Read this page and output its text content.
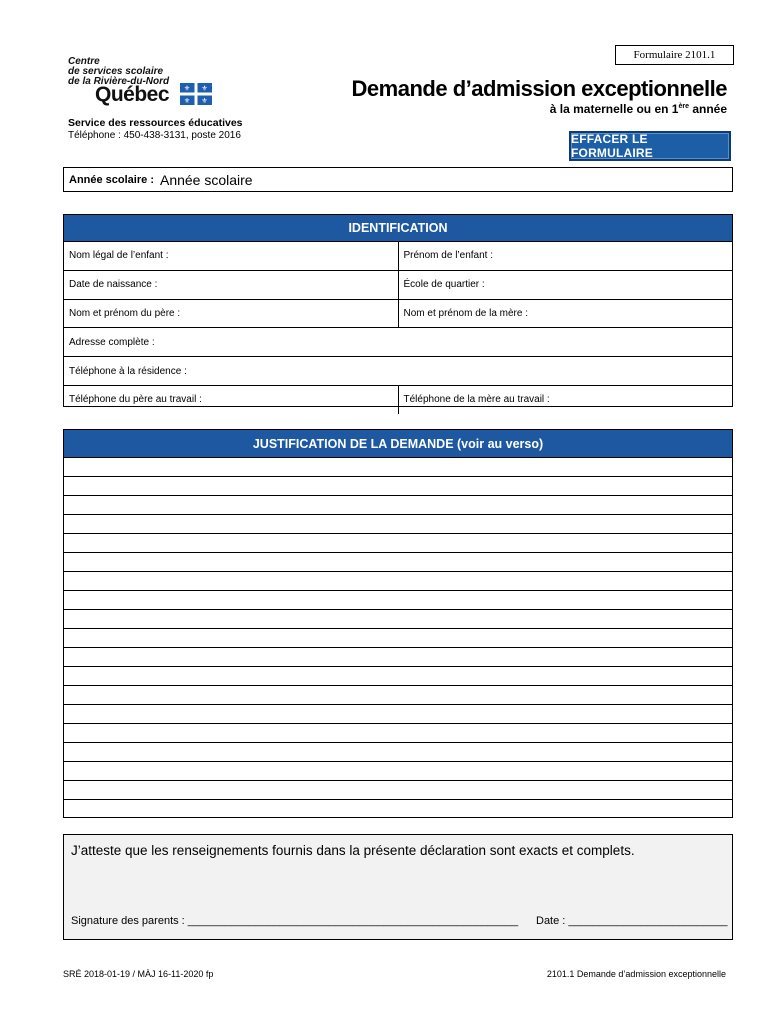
Formulaire 2101.1
Centre
de services scolaire
de la Rivière-du-Nord
Québec ⚜ ⚜
⚜ ⚜	Demande d’admission exceptionnelle
à la maternelle ou en 1ère année
Service des ressources éducatives
Téléphone : 450-438-3131, poste 2016	EFFACER LE FORMULAIRE
Année scolaire : Année scolaire
IDENTIFICATION
Nom légal de l’enfant :	Prénom de l’enfant :
Date de naissance :	École de quartier :
Nom et prénom du père :	Nom et prénom de la mère :
Adresse complète :
Téléphone à la résidence :
Téléphone du père au travail :	Téléphone de la mère au travail :
JUSTIFICATION DE LA DEMANDE (voir au verso)
J’atteste que les renseignements fournis dans la présente déclaration sont exacts et complets.
Signature des parents : ______________________________________________________ Date : __________________________
SRÉ 2018-01-19 / MÀJ 16-11-2020 fp	2101.1 Demande d’admission exceptionnelle
